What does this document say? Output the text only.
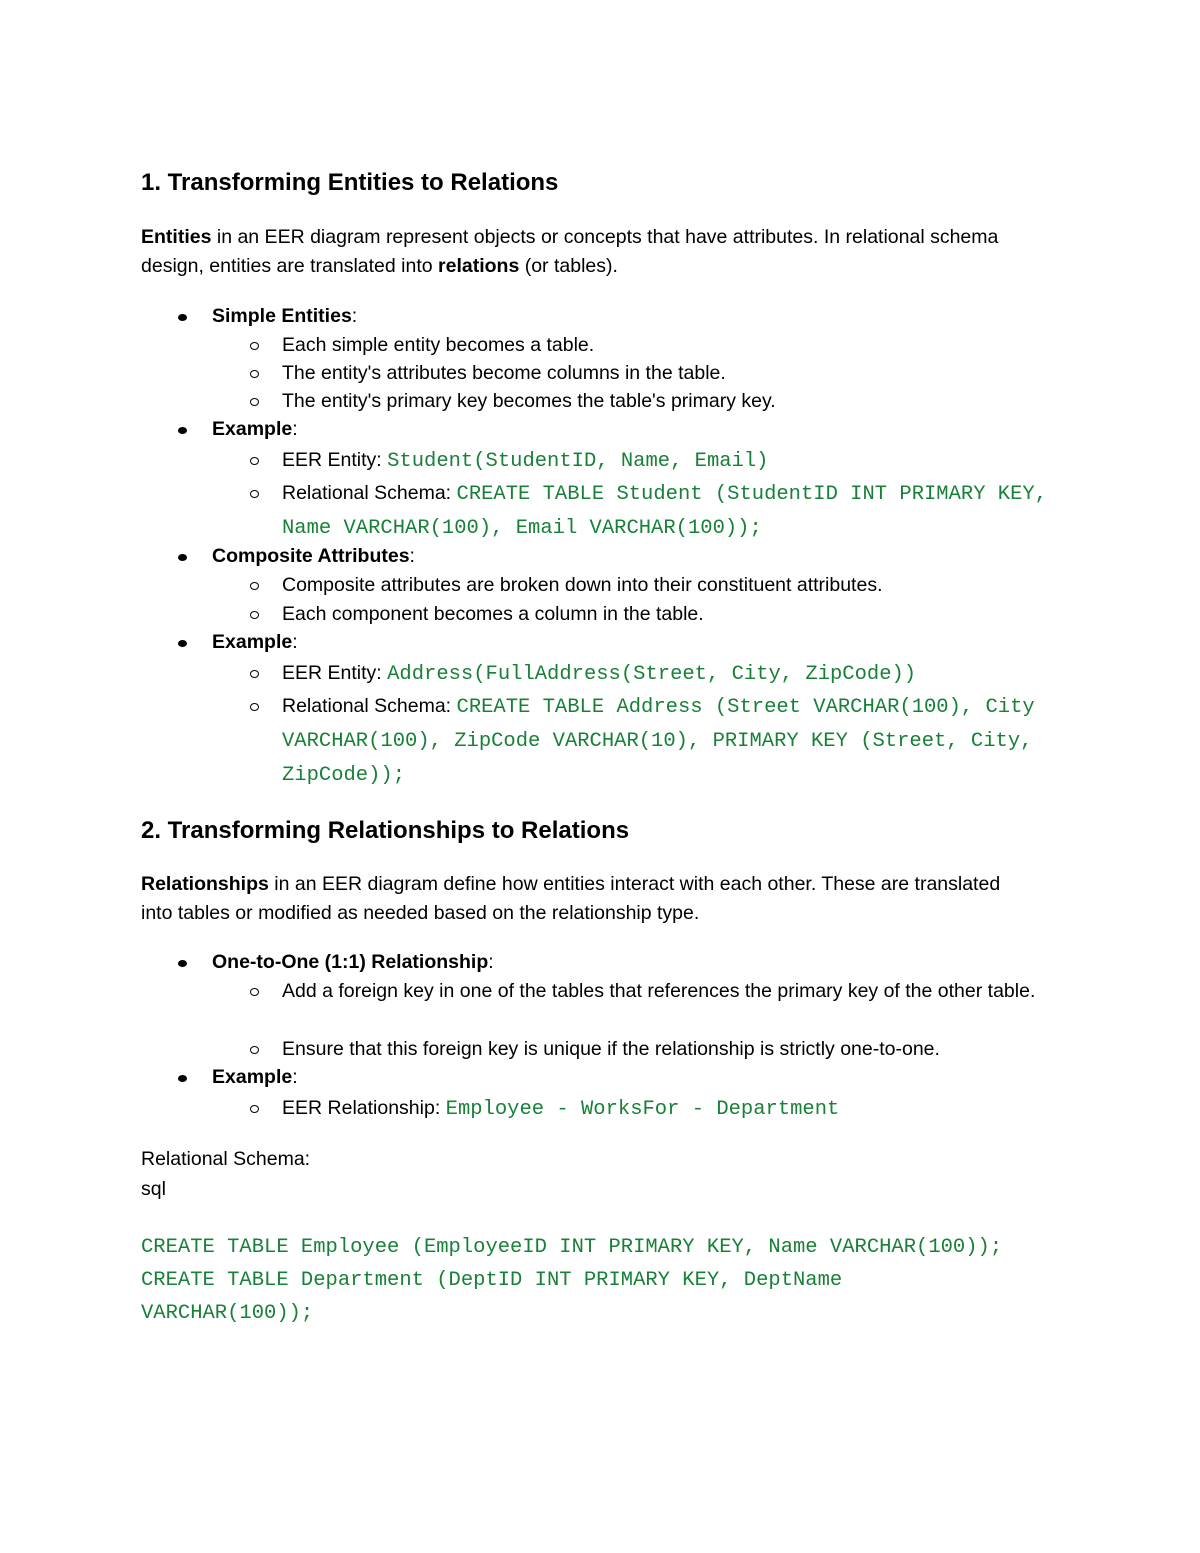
1. Transforming Entities to Relations
Entities in an EER diagram represent objects or concepts that have attributes. In relational schema design, entities are translated into relations (or tables).
Simple Entities:
Each simple entity becomes a table.
The entity's attributes become columns in the table.
The entity's primary key becomes the table's primary key.
Example:
EER Entity: Student(StudentID, Name, Email)
Relational Schema: CREATE TABLE Student (StudentID INT PRIMARY KEY, Name VARCHAR(100), Email VARCHAR(100));
Composite Attributes:
Composite attributes are broken down into their constituent attributes.
Each component becomes a column in the table.
Example:
EER Entity: Address(FullAddress(Street, City, ZipCode))
Relational Schema: CREATE TABLE Address (Street VARCHAR(100), City VARCHAR(100), ZipCode VARCHAR(10), PRIMARY KEY (Street, City, ZipCode));
2. Transforming Relationships to Relations
Relationships in an EER diagram define how entities interact with each other. These are translated into tables or modified as needed based on the relationship type.
One-to-One (1:1) Relationship:
Add a foreign key in one of the tables that references the primary key of the other table.
Ensure that this foreign key is unique if the relationship is strictly one-to-one.
Example:
EER Relationship: Employee - WorksFor - Department
Relational Schema:
sql
CREATE TABLE Employee (EmployeeID INT PRIMARY KEY, Name VARCHAR(100));
CREATE TABLE Department (DeptID INT PRIMARY KEY, DeptName VARCHAR(100));
